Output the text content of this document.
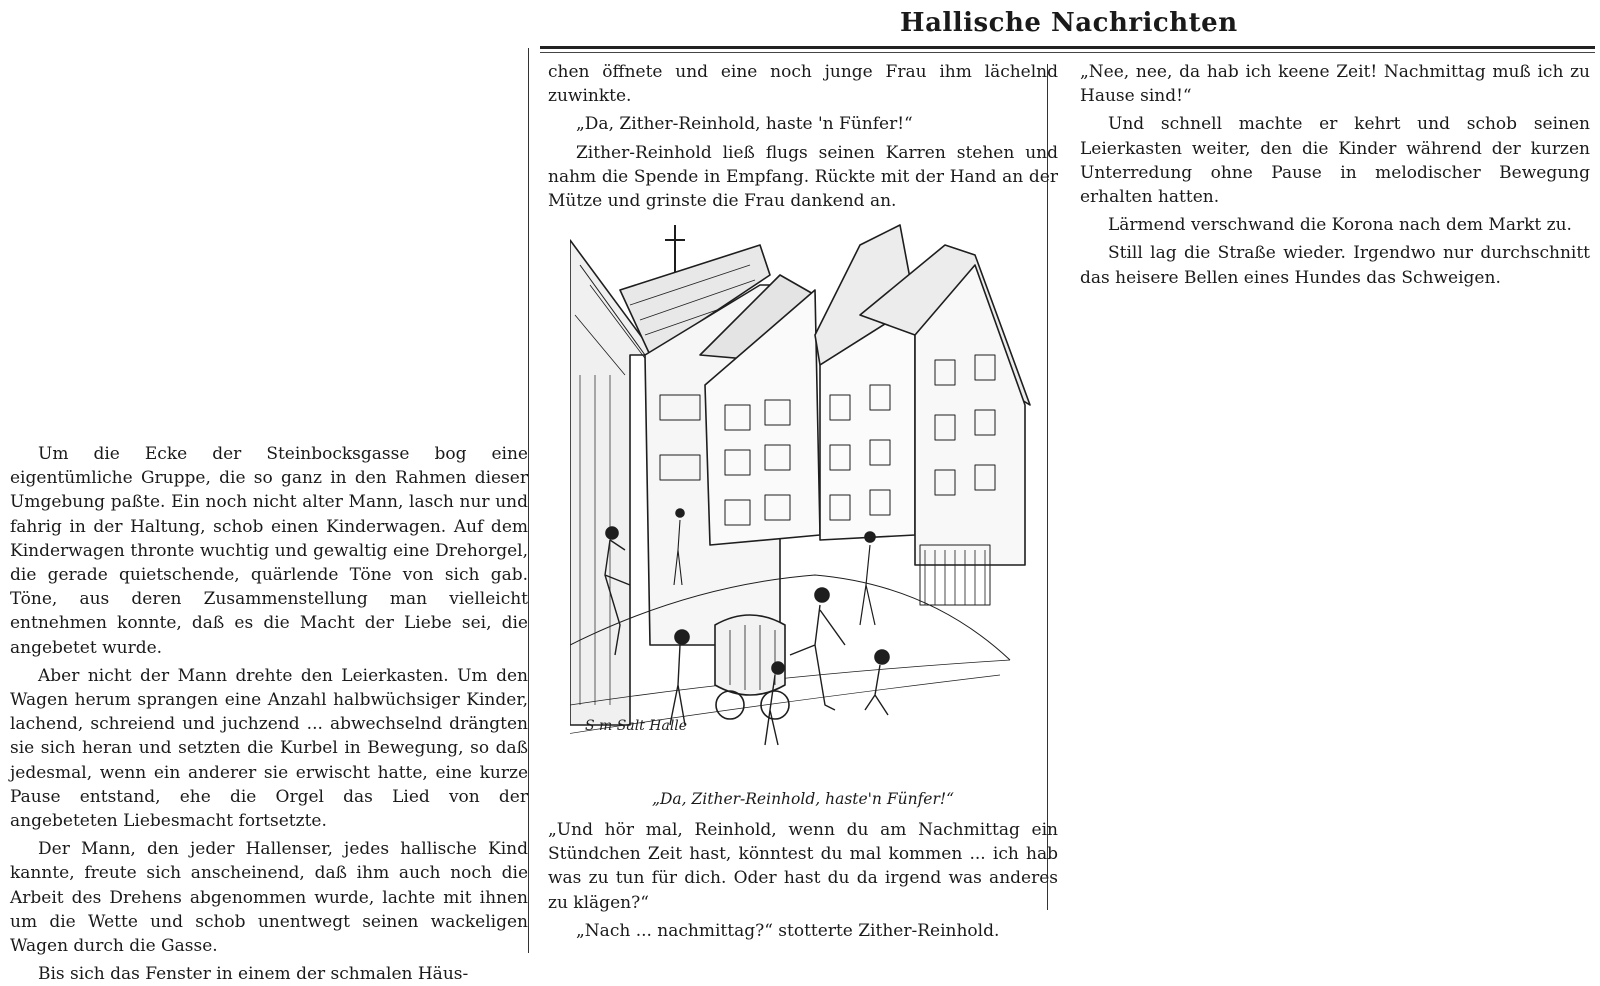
Hallische Nachrichten

Um die Ecke der Steinbocksgasse bog eine eigentümliche Gruppe, die so ganz in den Rahmen dieser Umgebung paßte. Ein noch nicht alter Mann, lasch nur und fahrig in der Haltung, schob einen Kinderwagen. Auf dem Kinderwagen thronte wuchtig und gewaltig eine Drehorgel, die gerade quietschende, quärlende Töne von sich gab. Töne, aus deren Zusammenstellung man vielleicht entnehmen konnte, daß es die Macht der Liebe sei, die angebetet wurde.

Aber nicht der Mann drehte den Leierkasten. Um den Wagen herum sprangen eine Anzahl halbwüchsiger Kinder, lachend, schreiend und juchzend ... abwechselnd drängten sie sich heran und setzten die Kurbel in Bewegung, so daß jedesmal, wenn ein anderer sie erwischt hatte, eine kurze Pause entstand, ehe die Orgel das Lied von der angebeteten Liebesmacht fortsetzte.

Der Mann, den jeder Hallenser, jedes hallische Kind kannte, freute sich anscheinend, daß ihm auch noch die Arbeit des Drehens abgenommen wurde, lachte mit ihnen um die Wette und schob unentwegt seinen wackeligen Wagen durch die Gasse.

Bis sich das Fenster in einem der schmalen Häus-

chen öffnete und eine noch junge Frau ihm lächelnd zuwinkte.

„Da, Zither-Reinhold, haste 'n Fünfer!“

Zither-Reinhold ließ flugs seinen Karren stehen und nahm die Spende in Empfang. Rückte mit der Hand an der Mütze und grinste die Frau dankend an.

S m Salt Halle
„Da, Zither-Reinhold, haste'n Fünfer!“

„Und hör mal, Reinhold, wenn du am Nachmittag ein Stündchen Zeit hast, könntest du mal kommen ... ich hab was zu tun für dich. Oder hast du da irgend was anderes zu klägen?“

„Nach ... nachmittag?“ stotterte Zither-Reinhold.

„Nee, nee, da hab ich keene Zeit! Nachmittag muß ich zu Hause sind!“

Und schnell machte er kehrt und schob seinen Leierkasten weiter, den die Kinder während der kurzen Unterredung ohne Pause in melodischer Bewegung erhalten hatten.

Lärmend verschwand die Korona nach dem Markt zu.

Still lag die Straße wieder. Irgendwo nur durchschnitt das heisere Bellen eines Hundes das Schweigen.
